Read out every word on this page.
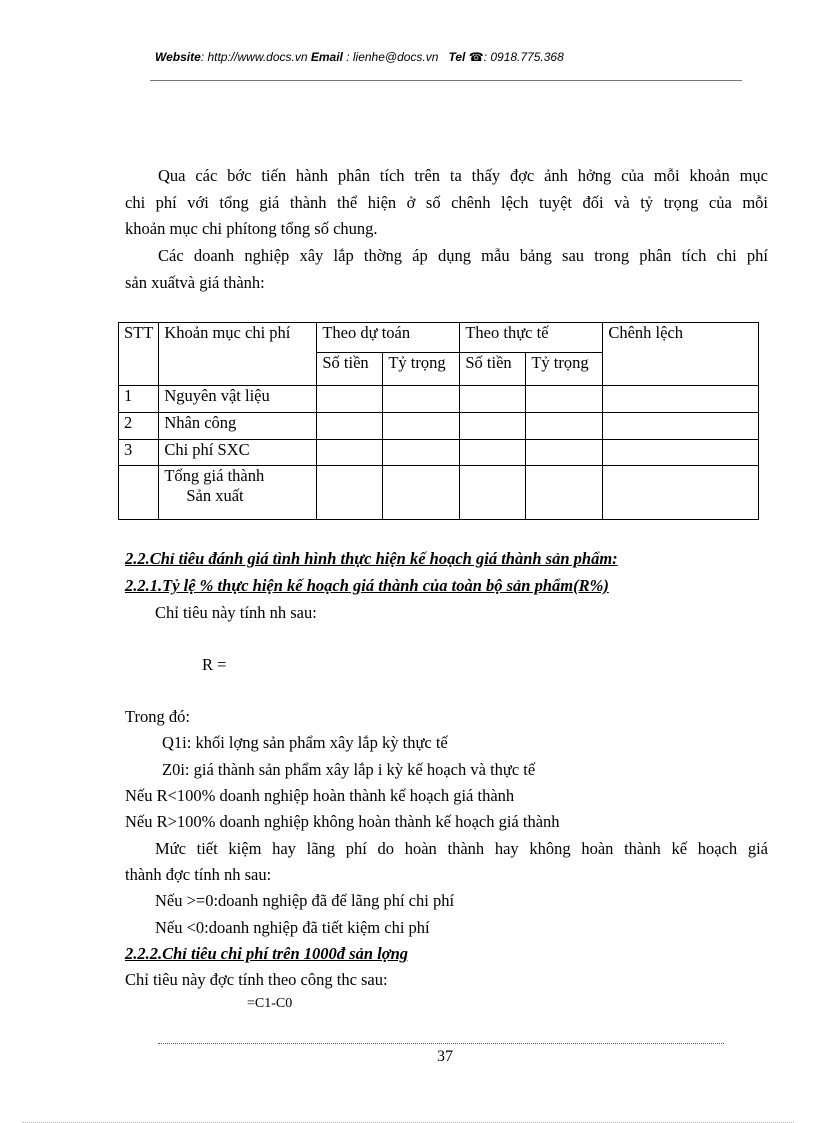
Website: http://www.docs.vn Email : lienhe@docs.vn Tel ☎: 0918.775.368
Qua các bớc tiến hành phân tích trên ta thấy đợc ảnh hởng của mỗi khoản mục
chi phí với tổng giá thành thể hiện ở số chênh lệch tuyệt đối và tỷ trọng của mỗi
khoản mục chi phítong tổng số chung.
Các doanh nghiệp xây lắp thờng áp dụng mẫu bảng sau trong phân tích chi phí
sản xuấtvà giá thành:
STT	Khoản mục chi phí	Theo dự toán		Theo thực tế		Chênh lệch
		Số tiền	Tỷ trọng	Số tiền	Tỷ trọng	
1	Nguyên vật liệu					
2	Nhân công					
3	Chi phí SXC					

	Tổng giá thành
Sản xuất					

2.2.Chỉ tiêu đánh giá tình hình thực hiện kế hoạch giá thành sản phẩm:
2.2.1.Tỷ lệ % thực hiện kế hoạch giá thành của toàn bộ sản phẩm(R%)
Chỉ tiêu này tính nh sau:
R =
Trong đó:
Q1i: khối lợng sản phẩm xây lắp kỳ thực tế
Z0i: giá thành sản phẩm xây lắp i kỳ kế hoạch và thực tế
Nếu R<100% doanh nghiệp hoàn thành kế hoạch giá thành
Nếu R>100% doanh nghiệp không hoàn thành kế hoạch giá thành
Mức tiết kiệm hay lãng phí do hoàn thành hay không hoàn thành kế hoạch giá
thành đợc tính nh sau:
Nếu >=0:doanh nghiệp đã để lãng phí chi phí
Nếu <0:doanh nghiệp đã tiết kiệm chi phí
2.2.2.Chỉ tiêu chi phí trên 1000đ sản lợng
Chỉ tiêu này đợc tính theo công thc sau:
=C1-C0
37
